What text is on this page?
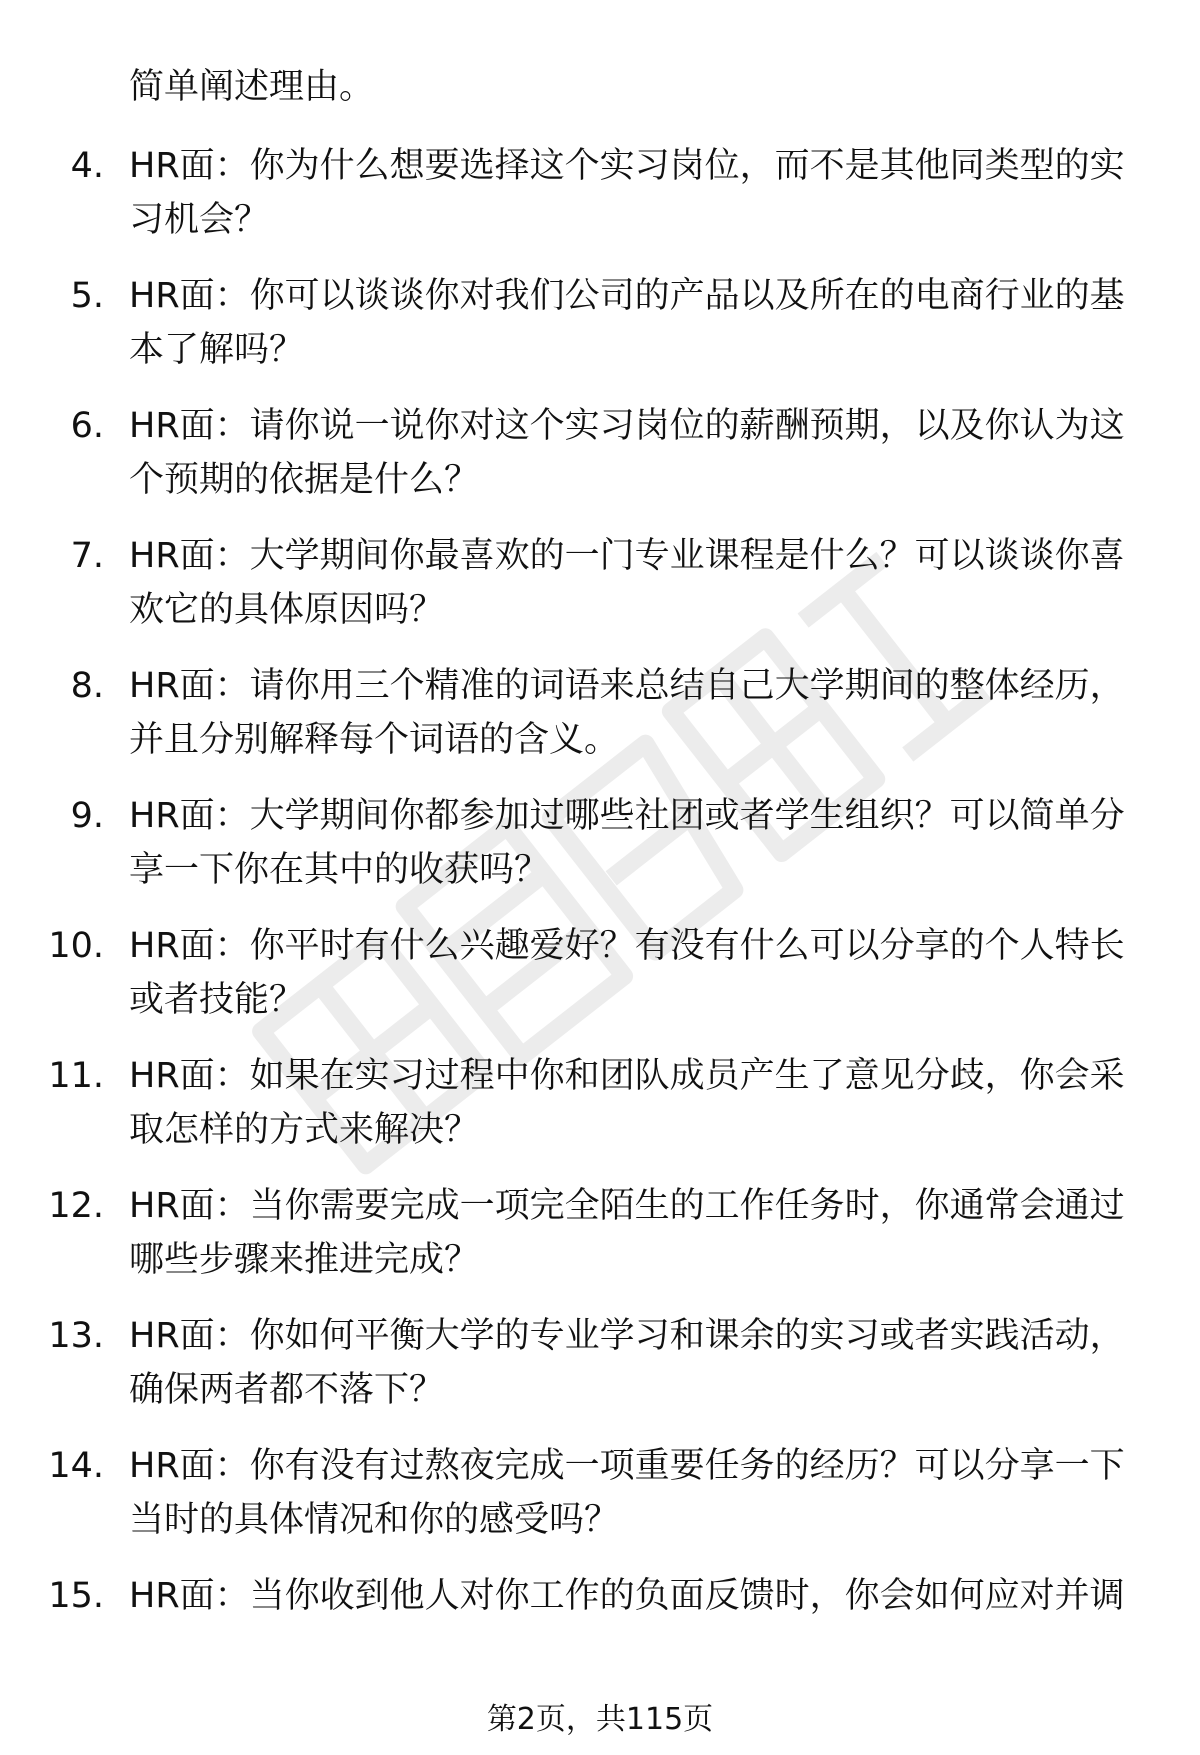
简单阐述理由。

4. HR面：你为什么想要选择这个实习岗位，而不是其他同类型的实习机会？

5. HR面：你可以谈谈你对我们公司的产品以及所在的电商行业的基本了解吗？

6. HR面：请你说一说你对这个实习岗位的薪酬预期，以及你认为这个预期的依据是什么？

7. HR面：大学期间你最喜欢的一门专业课程是什么？可以谈谈你喜欢它的具体原因吗？

8. HR面：请你用三个精准的词语来总结自己大学期间的整体经历，并且分别解释每个词语的含义。

9. HR面：大学期间你都参加过哪些社团或者学生组织？可以简单分享一下你在其中的收获吗？

10. HR面：你平时有什么兴趣爱好？有没有什么可以分享的个人特长或者技能？

11. HR面：如果在实习过程中你和团队成员产生了意见分歧，你会采取怎样的方式来解决？

12. HR面：当你需要完成一项完全陌生的工作任务时，你通常会通过哪些步骤来推进完成？

13. HR面：你如何平衡大学的专业学习和课余的实习或者实践活动，确保两者都不落下？

14. HR面：你有没有过熬夜完成一项重要任务的经历？可以分享一下当时的具体情况和你的感受吗？

15. HR面：当你收到他人对你工作的负面反馈时，你会如何应对并调

第2页，共115页
